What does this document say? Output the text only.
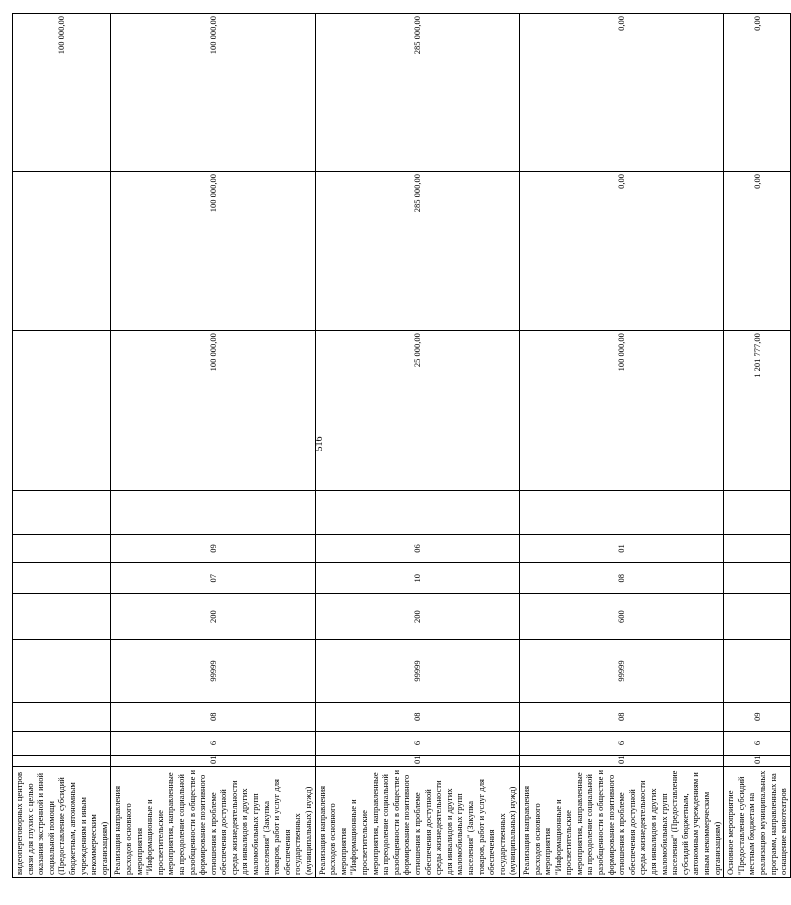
516
видеопереговорных центров связи для глухих с целью оказания экстренной и иной социальной помощи (Предоставление субсидий бюджетным, автономным учреждениям и иным некоммерческим организациям)											100 000,00
Реализация направления расходов основного мероприятия "Информационные и просветительские мероприятия, направленные на преодоление социальной разобщенности в обществе и формирование позитивного отношения к проблеме обеспечения доступной среды жизнедеятельности для инвалидов и других маломобильных групп населения" (Закупка товаров, работ и услуг для обеспечения государственных (муниципальных) нужд)	01	6	08	99999	200	07	09		100 000,00	100 000,00	100 000,00
Реализация направления расходов основного мероприятия "Информационные и просветительские мероприятия, направленные на преодоление социальной разобщенности в обществе и формирование позитивного отношения к проблеме обеспечения доступной среды жизнедеятельности для инвалидов и других маломобильных групп населения" (Закупка товаров, работ и услуг для обеспечения государственных (муниципальных) нужд)	01	6	08	99999	200	10	06		25 000,00	285 000,00	285 000,00
Реализация направления расходов основного мероприятия "Информационные и просветительские мероприятия, направленные на преодоление социальной разобщенности в обществе и формирование позитивного отношения к проблеме обеспечения доступной среды жизнедеятельности для инвалидов и других маломобильных групп населения" (Предоставление субсидий бюджетным, автономным учреждениям и иным некоммерческим организациям)	01	6	08	99999	600	08	01		100 000,00	0,00	0,00
Основное мероприятие "Предоставление субсидий местным бюджетам на реализацию муниципальных программ, направленных на оснащение кинотеатров	01	6	09						1 201 777,00	0,00	0,00
